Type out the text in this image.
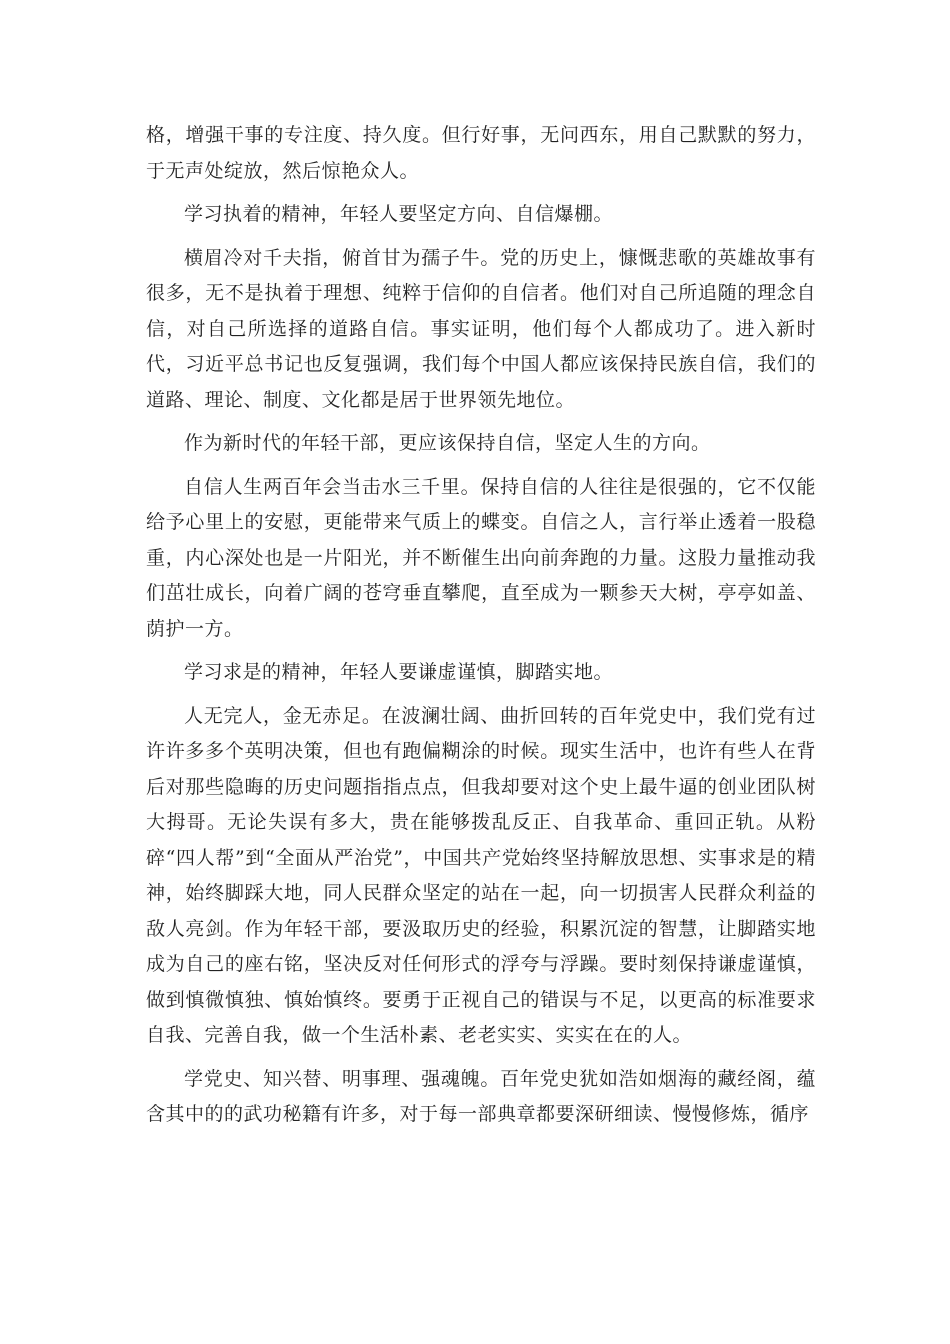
格，增强干事的专注度、持久度。但行好事，无问西东，用自己默默的努力，于无声处绽放，然后惊艳众人。

学习执着的精神，年轻人要坚定方向、自信爆棚。

横眉冷对千夫指，俯首甘为孺子牛。党的历史上，慷慨悲歌的英雄故事有很多，无不是执着于理想、纯粹于信仰的自信者。他们对自己所追随的理念自信，对自己所选择的道路自信。事实证明，他们每个人都成功了。进入新时代，习近平总书记也反复强调，我们每个中国人都应该保持民族自信，我们的道路、理论、制度、文化都是居于世界领先地位。

作为新时代的年轻干部，更应该保持自信，坚定人生的方向。

自信人生两百年会当击水三千里。保持自信的人往往是很强的，它不仅能给予心里上的安慰，更能带来气质上的蝶变。自信之人，言行举止透着一股稳重，内心深处也是一片阳光，并不断催生出向前奔跑的力量。这股力量推动我们茁壮成长，向着广阔的苍穹垂直攀爬，直至成为一颗参天大树，亭亭如盖、荫护一方。

学习求是的精神，年轻人要谦虚谨慎，脚踏实地。

人无完人，金无赤足。在波澜壮阔、曲折回转的百年党史中，我们党有过许许多多个英明决策，但也有跑偏糊涂的时候。现实生活中，也许有些人在背后对那些隐晦的历史问题指指点点，但我却要对这个史上最牛逼的创业团队树大拇哥。无论失误有多大，贵在能够拨乱反正、自我革命、重回正轨。从粉碎“四人帮”到“全面从严治党”，中国共产党始终坚持解放思想、实事求是的精神，始终脚踩大地，同人民群众坚定的站在一起，向一切损害人民群众利益的敌人亮剑。作为年轻干部，要汲取历史的经验，积累沉淀的智慧，让脚踏实地成为自己的座右铭，坚决反对任何形式的浮夸与浮躁。要时刻保持谦虚谨慎，做到慎微慎独、慎始慎终。要勇于正视自己的错误与不足，以更高的标准要求自我、完善自我，做一个生活朴素、老老实实、实实在在的人。

学党史、知兴替、明事理、强魂魄。百年党史犹如浩如烟海的藏经阁，蕴含其中的的武功秘籍有许多，对于每一部典章都要深研细读、慢慢修炼，循序
